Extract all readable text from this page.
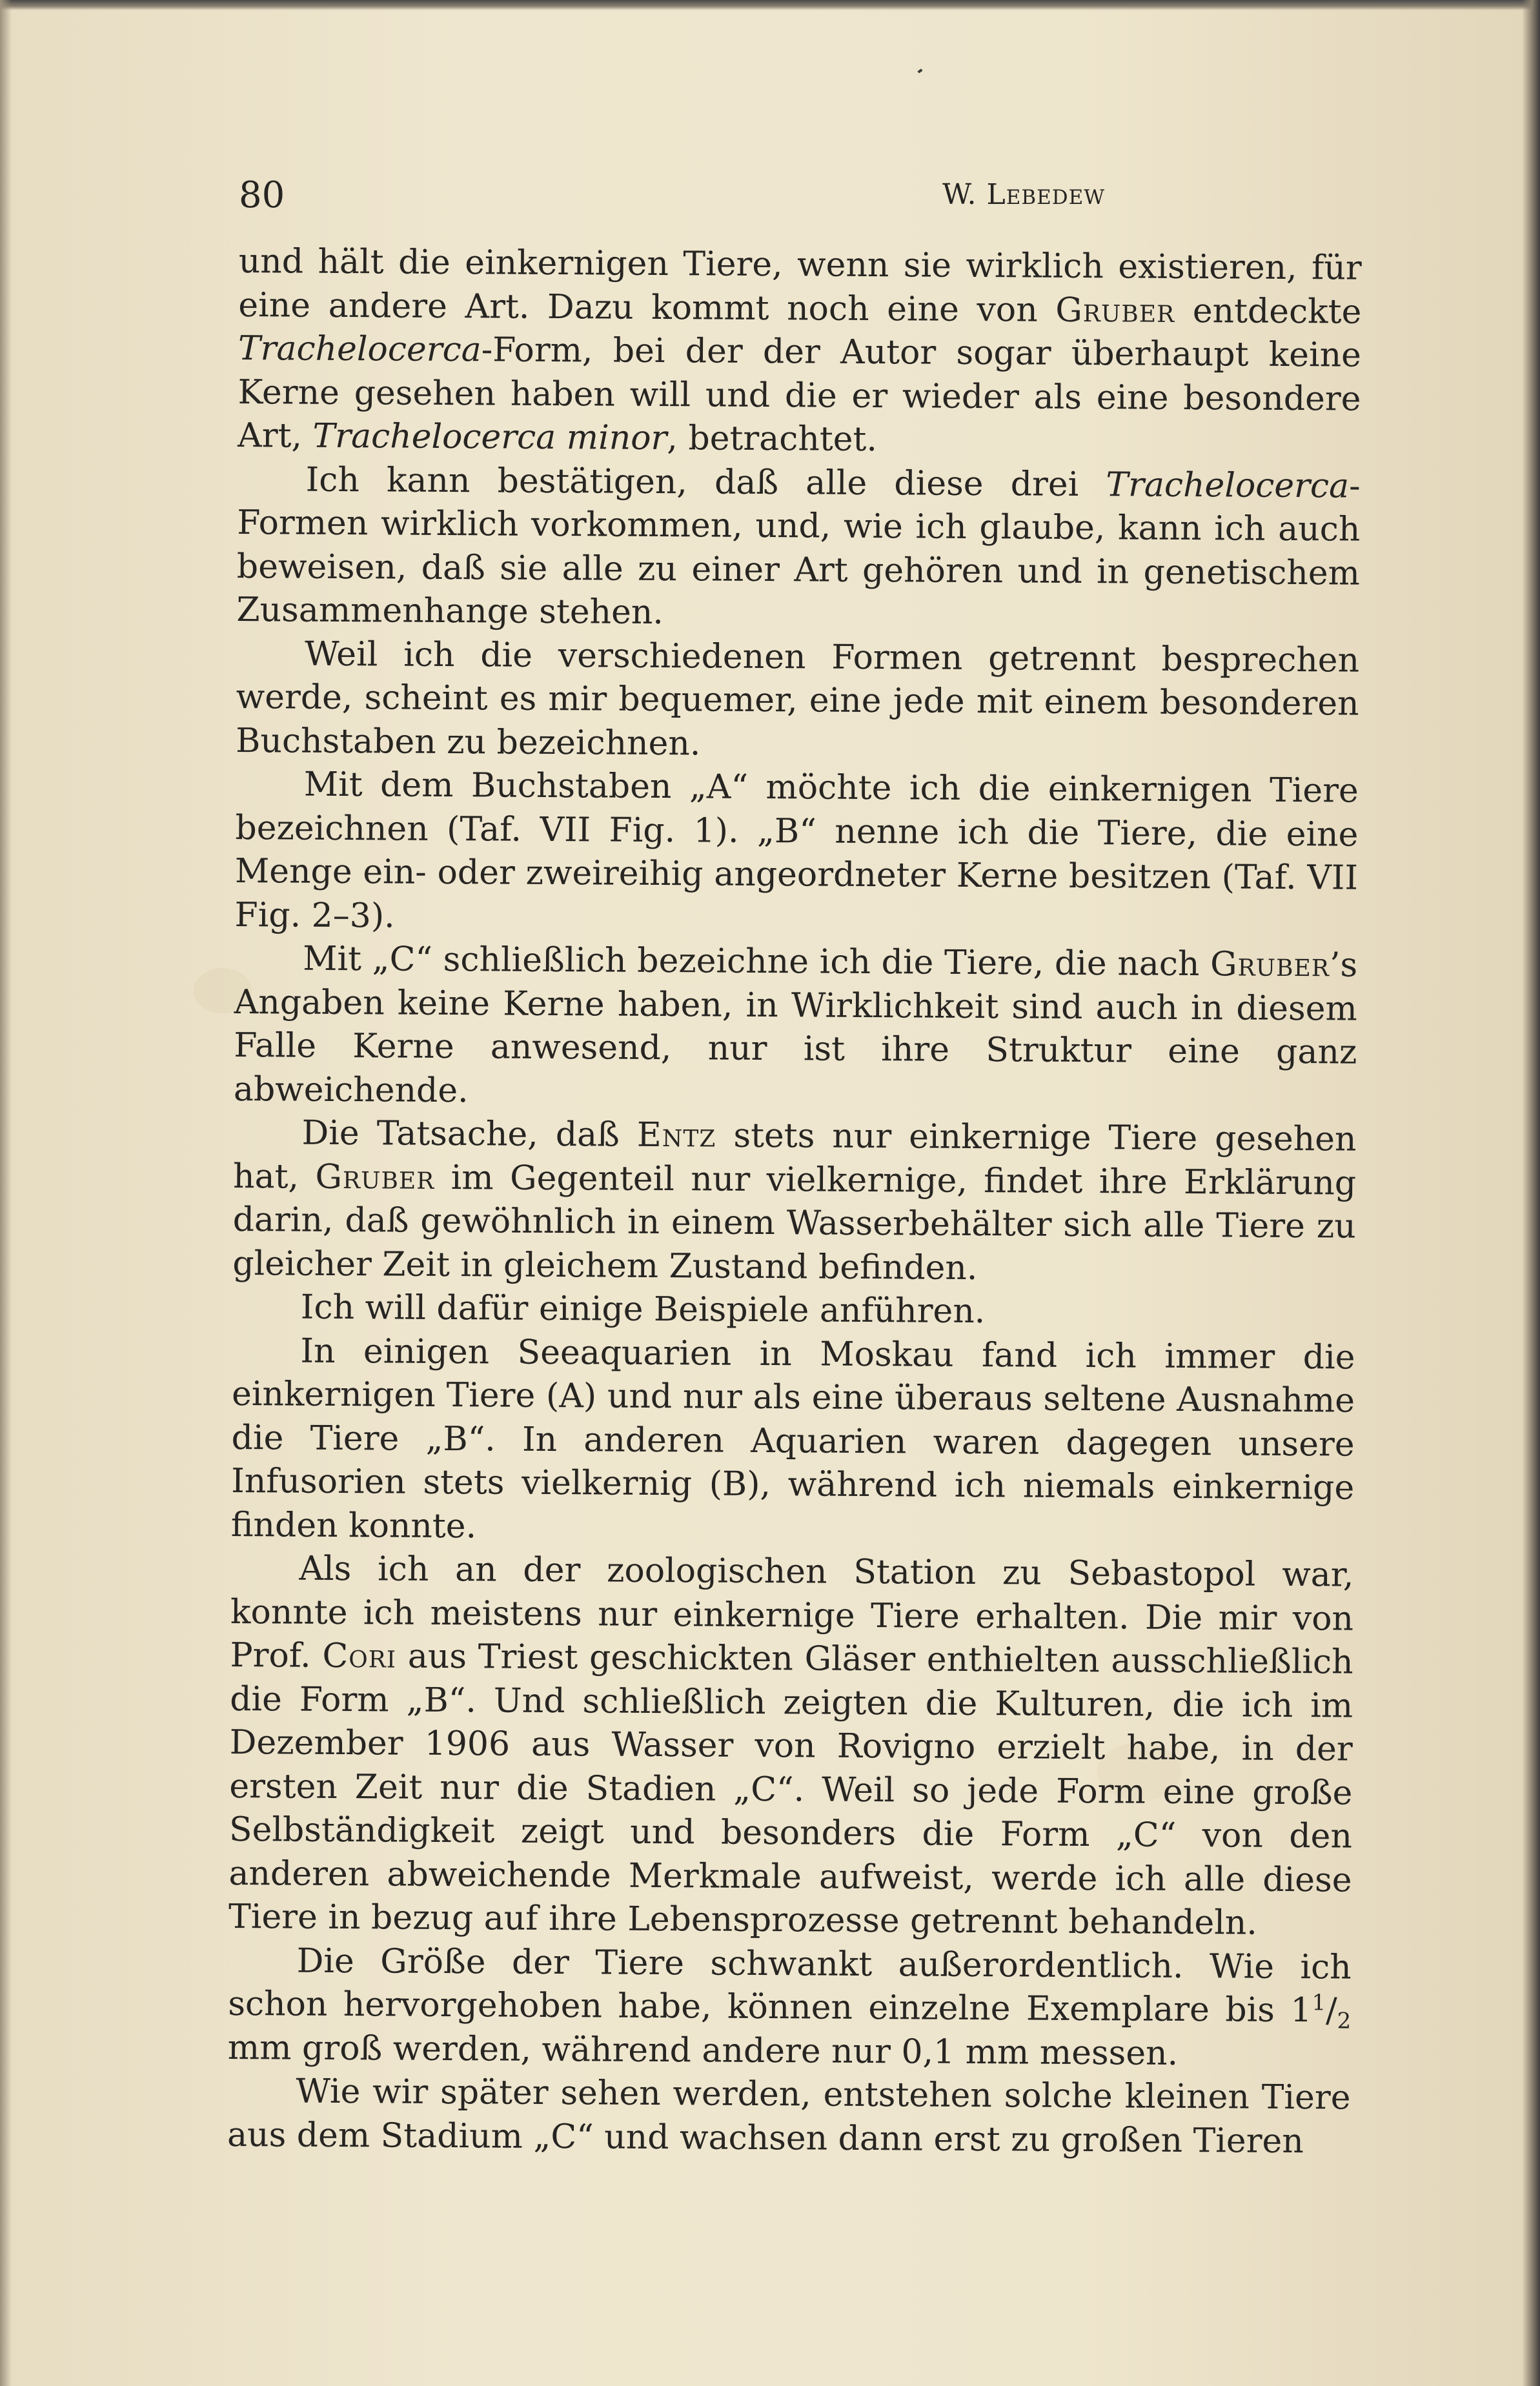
80	W. Lebedew

und hält die einkernigen Tiere, wenn sie wirklich existieren, für eine andere Art. Dazu kommt noch eine von Gruber entdeckte Trachelocerca-Form, bei der der Autor sogar überhaupt keine Kerne gesehen haben will und die er wieder als eine besondere Art, Trachelocerca minor, betrachtet.

Ich kann bestätigen, daß alle diese drei Trachelocerca-Formen wirklich vorkommen, und, wie ich glaube, kann ich auch beweisen, daß sie alle zu einer Art gehören und in genetischem Zusammenhange stehen.

Weil ich die verschiedenen Formen getrennt besprechen werde, scheint es mir bequemer, eine jede mit einem besonderen Buchstaben zu bezeichnen.

Mit dem Buchstaben „A“ möchte ich die einkernigen Tiere bezeichnen (Taf. VII Fig. 1). „B“ nenne ich die Tiere, die eine Menge ein- oder zweireihig angeordneter Kerne besitzen (Taf. VII Fig. 2–3).

Mit „C“ schließlich bezeichne ich die Tiere, die nach Gruber’s Angaben keine Kerne haben, in Wirklichkeit sind auch in diesem Falle Kerne anwesend, nur ist ihre Struktur eine ganz abweichende.

Die Tatsache, daß Entz stets nur einkernige Tiere gesehen hat, Gruber im Gegenteil nur vielkernige, findet ihre Erklärung darin, daß gewöhnlich in einem Wasserbehälter sich alle Tiere zu gleicher Zeit in gleichem Zustand befinden.

Ich will dafür einige Beispiele anführen.

In einigen Seeaquarien in Moskau fand ich immer die einkernigen Tiere (A) und nur als eine überaus seltene Ausnahme die Tiere „B“. In anderen Aquarien waren dagegen unsere Infusorien stets vielkernig (B), während ich niemals einkernige finden konnte.

Als ich an der zoologischen Station zu Sebastopol war, konnte ich meistens nur einkernige Tiere erhalten. Die mir von Prof. Cori aus Triest geschickten Gläser enthielten ausschließlich die Form „B“. Und schließlich zeigten die Kulturen, die ich im Dezember 1906 aus Wasser von Rovigno erzielt habe, in der ersten Zeit nur die Stadien „C“. Weil so jede Form eine große Selbständigkeit zeigt und besonders die Form „C“ von den anderen abweichende Merkmale aufweist, werde ich alle diese Tiere in bezug auf ihre Lebensprozesse getrennt behandeln.

Die Größe der Tiere schwankt außerordentlich. Wie ich schon hervorgehoben habe, können einzelne Exemplare bis $1^1/_2$ mm groß werden, während andere nur 0,1 mm messen.

Wie wir später sehen werden, entstehen solche kleinen Tiere aus dem Stadium „C“ und wachsen dann erst zu großen Tieren
